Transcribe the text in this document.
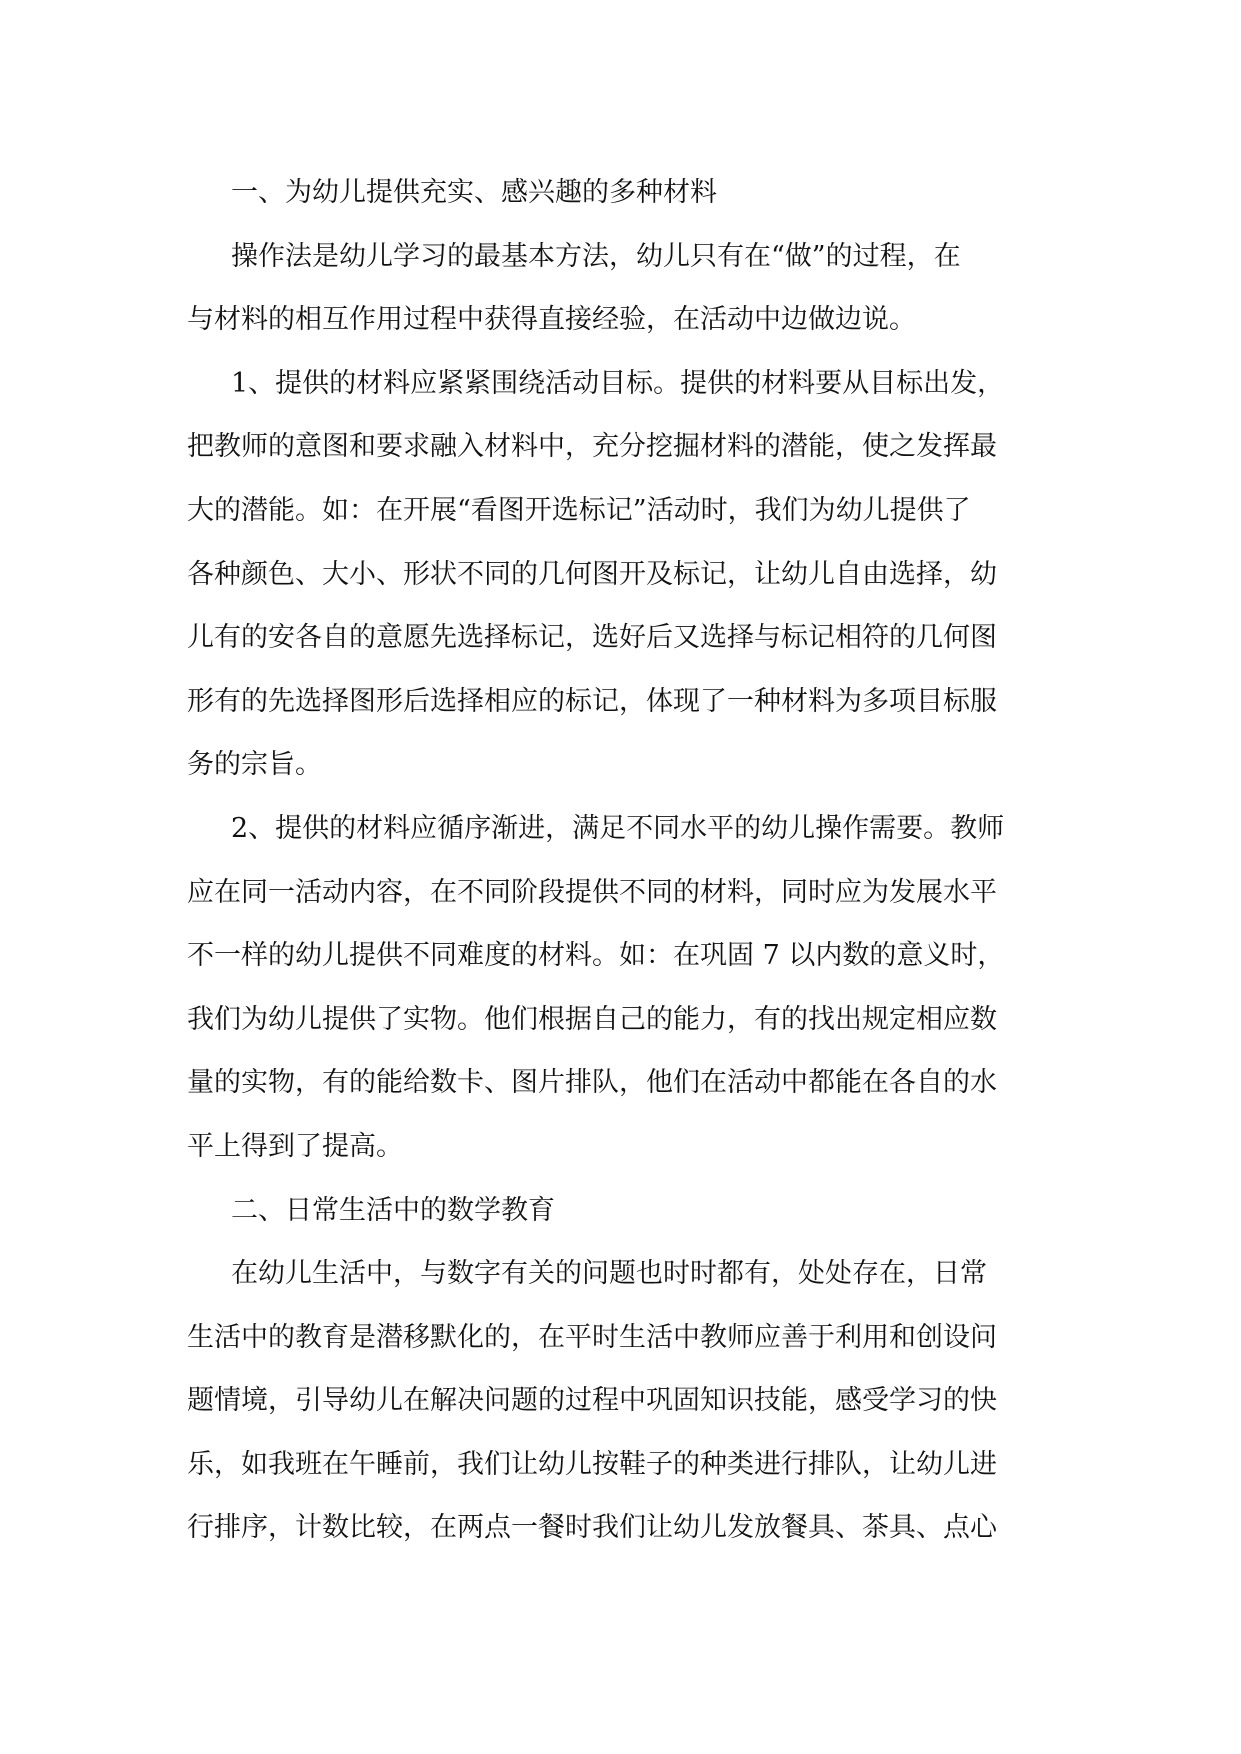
一、为幼儿提供充实、感兴趣的多种材料
操作法是幼儿学习的最基本方法，幼儿只有在“做”的过程，在
与材料的相互作用过程中获得直接经验，在活动中边做边说。
1、提供的材料应紧紧围绕活动目标。提供的材料要从目标出发，
把教师的意图和要求融入材料中，充分挖掘材料的潜能，使之发挥最
大的潜能。如：在开展“看图开选标记”活动时，我们为幼儿提供了
各种颜色、大小、形状不同的几何图开及标记，让幼儿自由选择，幼
儿有的安各自的意愿先选择标记，选好后又选择与标记相符的几何图
形有的先选择图形后选择相应的标记，体现了一种材料为多项目标服
务的宗旨。
2、提供的材料应循序渐进，满足不同水平的幼儿操作需要。教师
应在同一活动内容，在不同阶段提供不同的材料，同时应为发展水平
不一样的幼儿提供不同难度的材料。如：在巩固 7 以内数的意义时，
我们为幼儿提供了实物。他们根据自己的能力，有的找出规定相应数
量的实物，有的能给数卡、图片排队，他们在活动中都能在各自的水
平上得到了提高。
二、日常生活中的数学教育
在幼儿生活中，与数字有关的问题也时时都有，处处存在，日常
生活中的教育是潜移默化的，在平时生活中教师应善于利用和创设问
题情境，引导幼儿在解决问题的过程中巩固知识技能，感受学习的快
乐，如我班在午睡前，我们让幼儿按鞋子的种类进行排队，让幼儿进
行排序，计数比较，在两点一餐时我们让幼儿发放餐具、茶具、点心
